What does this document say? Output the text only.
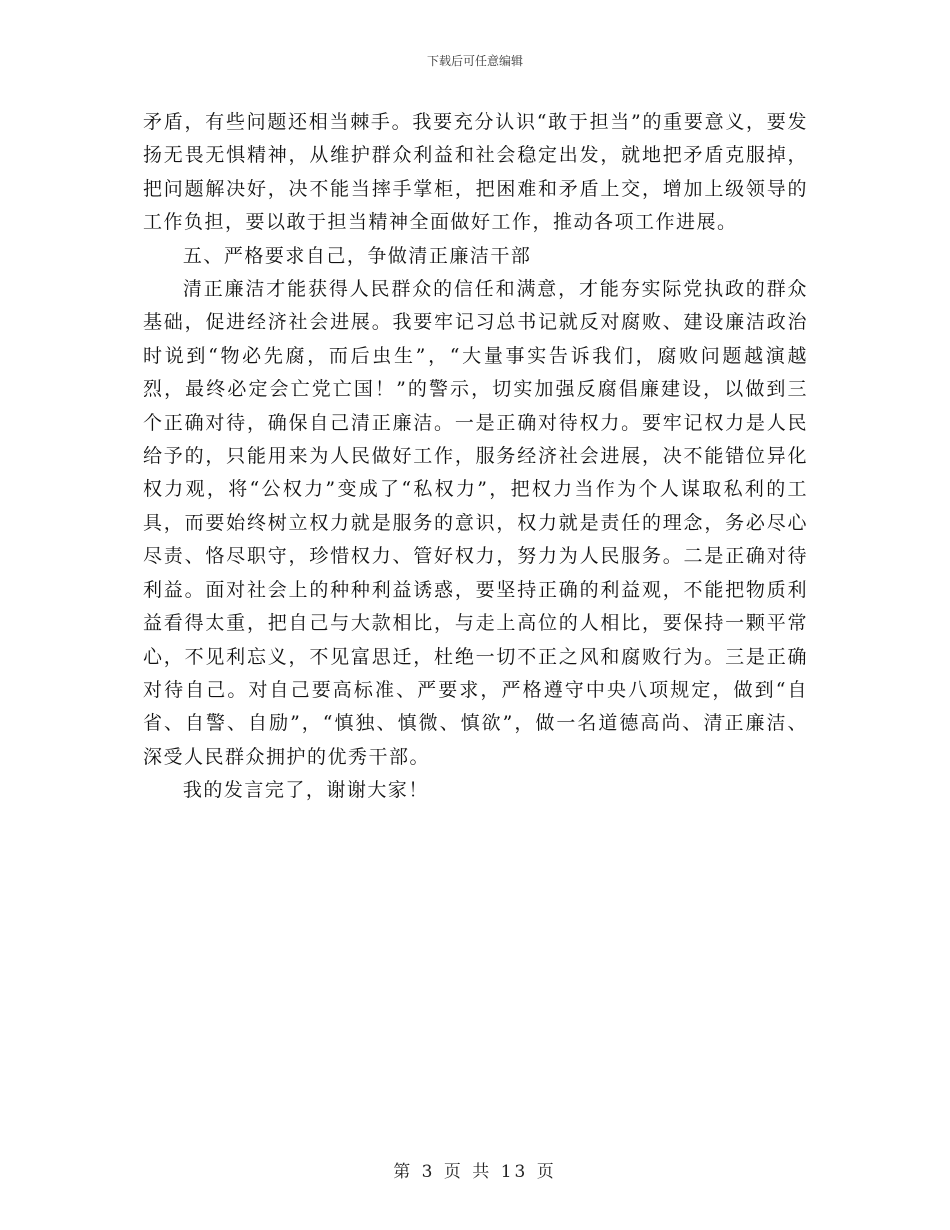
下载后可任意编辑

矛盾，有些问题还相当棘手。我要充分认识“敢于担当”的重要意义，要发扬无畏无惧精神，从维护群众利益和社会稳定出发，就地把矛盾克服掉，把问题解决好，决不能当摔手掌柜，把困难和矛盾上交，增加上级领导的工作负担，要以敢于担当精神全面做好工作，推动各项工作进展。

五、严格要求自己，争做清正廉洁干部

清正廉洁才能获得人民群众的信任和满意，才能夯实际党执政的群众基础，促进经济社会进展。我要牢记习总书记就反对腐败、建设廉洁政治时说到“物必先腐，而后虫生”，“大量事实告诉我们，腐败问题越演越烈，最终必定会亡党亡国！”的警示，切实加强反腐倡廉建设，以做到三个正确对待，确保自己清正廉洁。一是正确对待权力。要牢记权力是人民给予的，只能用来为人民做好工作，服务经济社会进展，决不能错位异化权力观，将“公权力”变成了“私权力”，把权力当作为个人谋取私利的工具，而要始终树立权力就是服务的意识，权力就是责任的理念，务必尽心尽责、恪尽职守，珍惜权力、管好权力，努力为人民服务。二是正确对待利益。面对社会上的种种利益诱惑，要坚持正确的利益观，不能把物质利益看得太重，把自己与大款相比，与走上高位的人相比，要保持一颗平常心，不见利忘义，不见富思迁，杜绝一切不正之风和腐败行为。三是正确对待自己。对自己要高标准、严要求，严格遵守中央八项规定，做到“自省、自警、自励”，“慎独、慎微、慎欲”，做一名道德高尚、清正廉洁、深受人民群众拥护的优秀干部。

我的发言完了，谢谢大家！

第 3 页 共 13 页
